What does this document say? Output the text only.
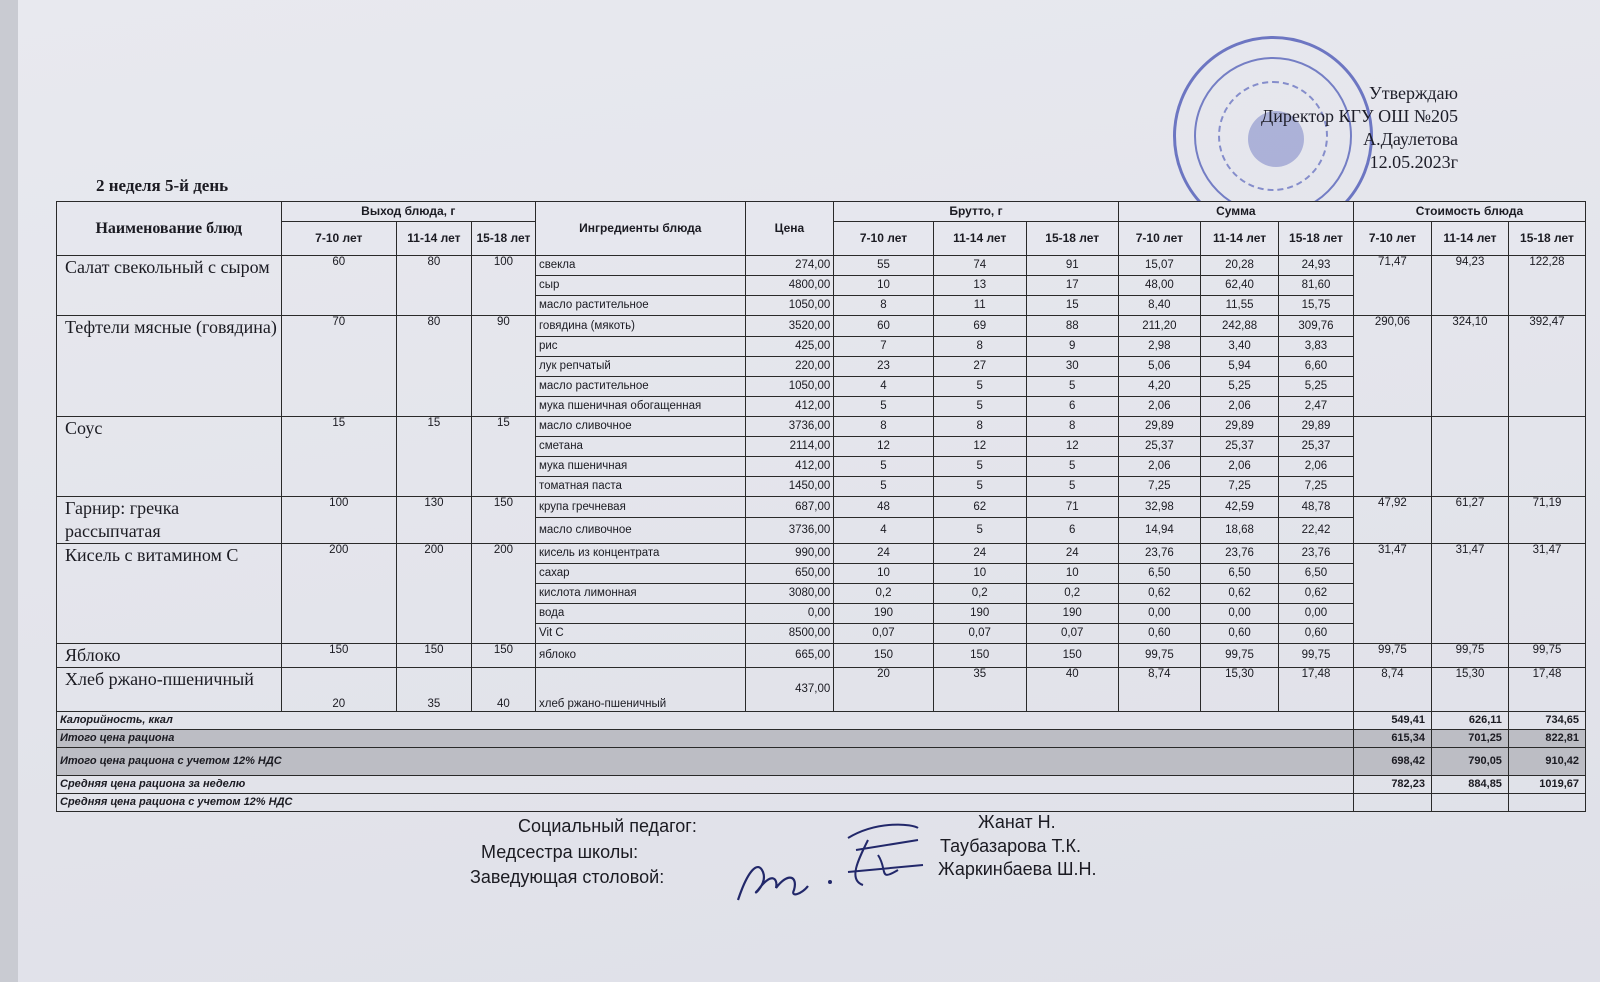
Утверждаю
Директор КГУ ОШ №205
А.Даулетова
12.05.2023г
2 неделя 5-й день
Наименование блюд	Выход блюда, г			Ингредиенты блюда	Цена	Брутто, г			Сумма			Стоимость блюда		
	7-10 лет	11-14 лет	15-18 лет			7-10 лет	11-14 лет	15-18 лет	7-10 лет	11-14 лет	15-18 лет	7-10 лет	11-14 лет	15-18 лет
Салат свекольный с сыром	60	80	100	свекла	274,00	55	74	91	15,07	20,28	24,93	71,47	94,23	122,28
				сыр	4800,00	10	13	17	48,00	62,40	81,60			
				масло растительное	1050,00	8	11	15	8,40	11,55	15,75			
Тефтели мясные (говядина)	70	80	90	говядина (мякоть)	3520,00	60	69	88	211,20	242,88	309,76	290,06	324,10	392,47
				рис	425,00	7	8	9	2,98	3,40	3,83			
				лук репчатый	220,00	23	27	30	5,06	5,94	6,60			
				масло растительное	1050,00	4	5	5	4,20	5,25	5,25			
				мука пшеничная обогащенная	412,00	5	5	6	2,06	2,06	2,47			
Соус	15	15	15	масло сливочное	3736,00	8	8	8	29,89	29,89	29,89			
				сметана	2114,00	12	12	12	25,37	25,37	25,37			
				мука пшеничная	412,00	5	5	5	2,06	2,06	2,06			
				томатная паста	1450,00	5	5	5	7,25	7,25	7,25			
Гарнир: гречка рассыпчатая	100	130	150	крупа гречневая	687,00	48	62	71	32,98	42,59	48,78	47,92	61,27	71,19
				масло сливочное	3736,00	4	5	6	14,94	18,68	22,42			
Кисель с витамином С	200	200	200	кисель из концентрата	990,00	24	24	24	23,76	23,76	23,76	31,47	31,47	31,47
				сахар	650,00	10	10	10	6,50	6,50	6,50			
				кислота лимонная	3080,00	0,2	0,2	0,2	0,62	0,62	0,62			
				вода	0,00	190	190	190	0,00	0,00	0,00			
				Vit C	8500,00	0,07	0,07	0,07	0,60	0,60	0,60			
Яблоко	150	150	150	яблоко	665,00	150	150	150	99,75	99,75	99,75	99,75	99,75	99,75
Хлеб ржано-пшеничный	20	35	40	хлеб ржано-пшеничный	437,00	20	35	40	8,74	15,30	17,48	8,74	15,30	17,48
Калорийность, ккал												549,41	626,11	734,65
Итого цена рациона												615,34	701,25	822,81
Итого цена рациона с учетом 12% НДС												698,42	790,05	910,42
Средняя цена рациона за неделю												782,23	884,85	1019,67
Средняя цена рациона с учетом 12% НДС														
Социальный педагог:	Жанат Н.
Медсестра школы:	Таубазарова Т.К.
Заведующая столовой:	Жаркинбаева Ш.Н.
